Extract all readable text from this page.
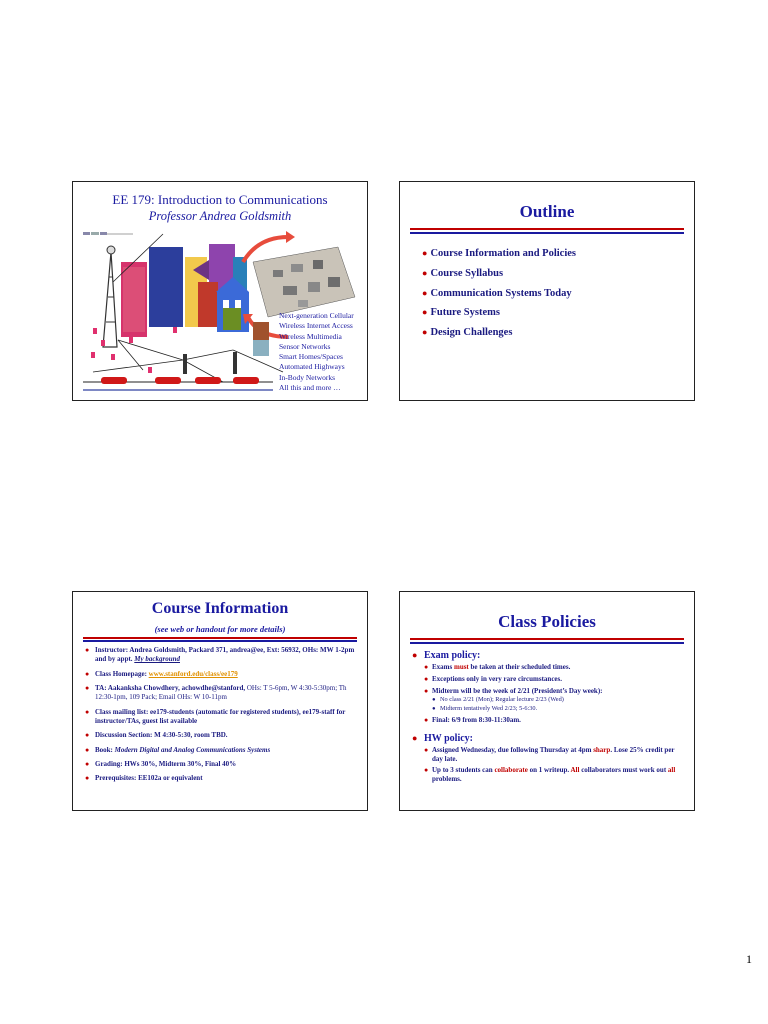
EE 179: Introduction to Communications
Professor Andrea Goldsmith
Next-generation Cellular
Wireless Internet Access
Wireless Multimedia
Sensor Networks
Smart Homes/Spaces
Automated Highways
In-Body Networks
All this and more …
Outline
● Course Information and Policies
● Course Syllabus
● Communication Systems Today
● Future Systems
● Design Challenges
Course Information
(see web or handout for more details)
● Instructor: Andrea Goldsmith, Packard 371, andrea@ee, Ext: 56932, OHs: MW 1-2pm and by appt. My background
● Class Homepage: www.stanford.edu/class/ee179
● TA: Aakanksha Chowdhery, achowdhe@stanford, OHs: T 5-6pm, W 4:30-5:30pm; Th 12:30-1pm, 109 Pack; Email OHs: W 10-11pm
● Class mailing list: ee179-students (automatic for registered students), ee179-staff for instructor/TAs, guest list available
● Discussion Section: M 4:30-5:30, room TBD.
● Book: Modern Digital and Analog Communications Systems
● Grading: HWs 30%, Midterm 30%, Final 40%
● Prerequisites: EE102a or equivalent
Class Policies
● Exam policy:
● Exams must be taken at their scheduled times.
● Exceptions only in very rare circumstances.
● Midterm will be the week of 2/21 (President’s Day week):
● No class 2/21 (Mon); Regular lecture 2/23 (Wed)
● Midterm tentatively Wed 2/23; 5-6:30.
● Final: 6/9 from 8:30-11:30am.
● HW policy:
● Assigned Wednesday, due following Thursday at 4pm sharp. Lose 25% credit per day late.
● Up to 3 students can collaborate on 1 writeup. All collaborators must work out all problems.
1
